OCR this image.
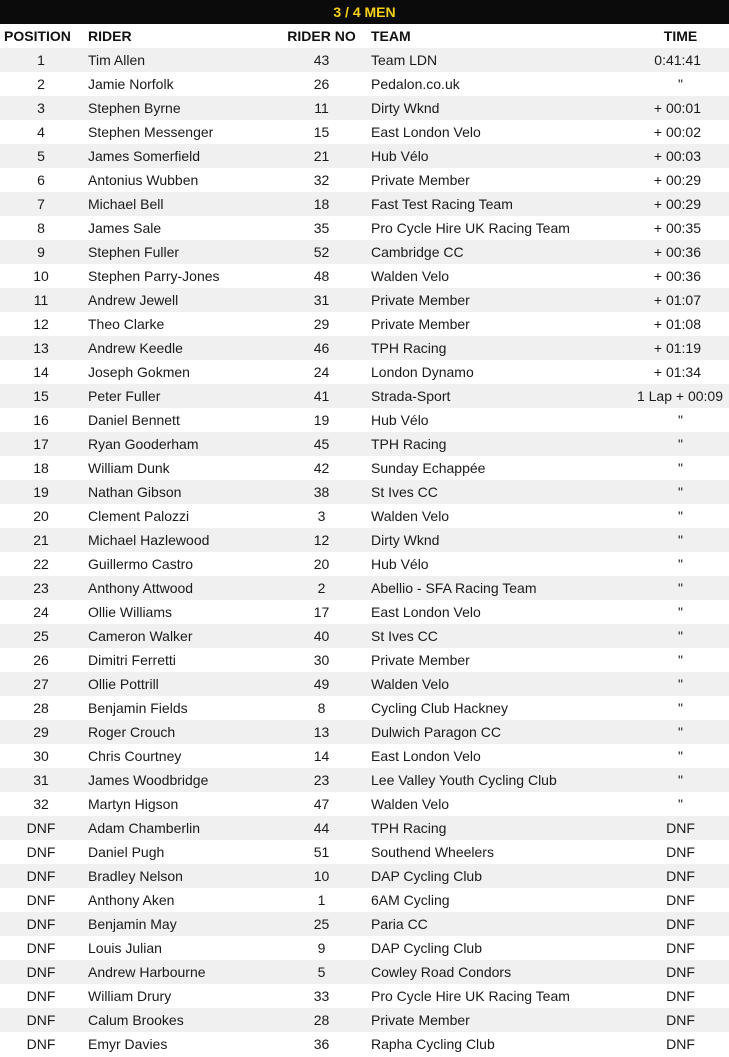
3 / 4 MEN
POSITION	RIDER	RIDER NO	TEAM	TIME
1	Tim Allen	43	Team LDN	0:41:41
2	Jamie Norfolk	26	Pedalon.co.uk	"
3	Stephen Byrne	11	Dirty Wknd	+ 00:01
4	Stephen Messenger	15	East London Velo	+ 00:02
5	James Somerfield	21	Hub Vélo	+ 00:03
6	Antonius Wubben	32	Private Member	+ 00:29
7	Michael Bell	18	Fast Test Racing Team	+ 00:29
8	James Sale	35	Pro Cycle Hire UK Racing Team	+ 00:35
9	Stephen Fuller	52	Cambridge CC	+ 00:36
10	Stephen Parry-Jones	48	Walden Velo	+ 00:36
11	Andrew Jewell	31	Private Member	+ 01:07
12	Theo Clarke	29	Private Member	+ 01:08
13	Andrew Keedle	46	TPH Racing	+ 01:19
14	Joseph Gokmen	24	London Dynamo	+ 01:34
15	Peter Fuller	41	Strada-Sport	1 Lap + 00:09
16	Daniel Bennett	19	Hub Vélo	"
17	Ryan Gooderham	45	TPH Racing	"
18	William Dunk	42	Sunday Echappée	"
19	Nathan Gibson	38	St Ives CC	"
20	Clement Palozzi	3	Walden Velo	"
21	Michael Hazlewood	12	Dirty Wknd	"
22	Guillermo Castro	20	Hub Vélo	"
23	Anthony Attwood	2	Abellio - SFA Racing Team	"
24	Ollie Williams	17	East London Velo	"
25	Cameron Walker	40	St Ives CC	"
26	Dimitri Ferretti	30	Private Member	"
27	Ollie Pottrill	49	Walden Velo	"
28	Benjamin Fields	8	Cycling Club Hackney	"
29	Roger Crouch	13	Dulwich Paragon CC	"
30	Chris Courtney	14	East London Velo	"
31	James Woodbridge	23	Lee Valley Youth Cycling Club	"
32	Martyn Higson	47	Walden Velo	"
DNF	Adam Chamberlin	44	TPH Racing	DNF
DNF	Daniel Pugh	51	Southend Wheelers	DNF
DNF	Bradley Nelson	10	DAP Cycling Club	DNF
DNF	Anthony Aken	1	6AM Cycling	DNF
DNF	Benjamin May	25	Paria CC	DNF
DNF	Louis Julian	9	DAP Cycling Club	DNF
DNF	Andrew Harbourne	5	Cowley Road Condors	DNF
DNF	William Drury	33	Pro Cycle Hire UK Racing Team	DNF
DNF	Calum Brookes	28	Private Member	DNF
DNF	Emyr Davies	36	Rapha Cycling Club	DNF
